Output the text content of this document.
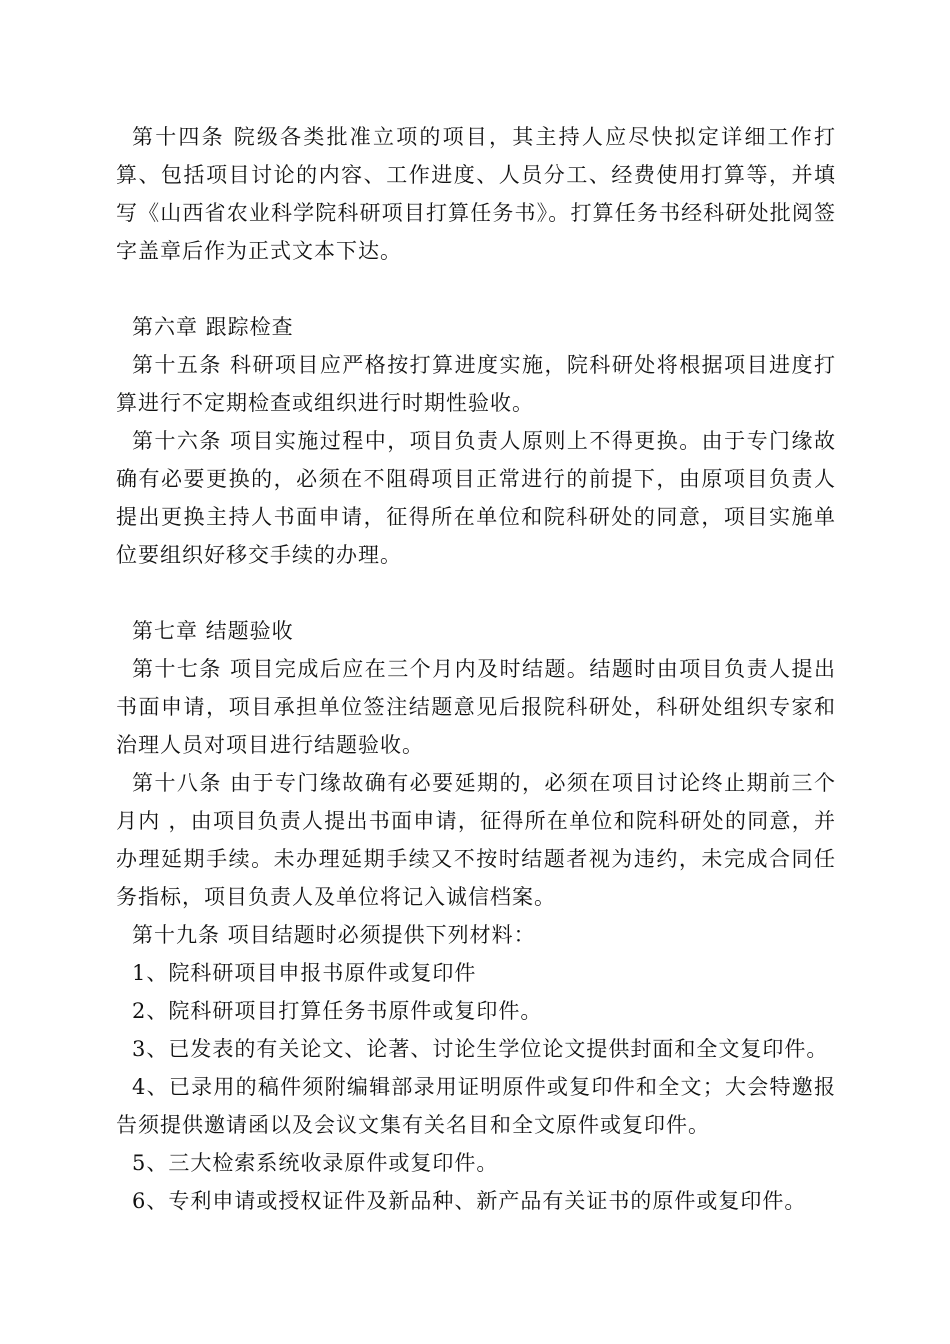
第十四条 院级各类批准立项的项目，其主持人应尽快拟定详细工作打算、包括项目讨论的内容、工作进度、人员分工、经费使用打算等，并填写《山西省农业科学院科研项目打算任务书》。打算任务书经科研处批阅签字盖章后作为正式文本下达。

第六章 跟踪检查

第十五条 科研项目应严格按打算进度实施，院科研处将根据项目进度打算进行不定期检查或组织进行时期性验收。

第十六条 项目实施过程中，项目负责人原则上不得更换。由于专门缘故确有必要更换的，必须在不阻碍项目正常进行的前提下，由原项目负责人提出更换主持人书面申请，征得所在单位和院科研处的同意，项目实施单位要组织好移交手续的办理。

第七章 结题验收

第十七条 项目完成后应在三个月内及时结题。结题时由项目负责人提出书面申请，项目承担单位签注结题意见后报院科研处，科研处组织专家和治理人员对项目进行结题验收。

第十八条 由于专门缘故确有必要延期的，必须在项目讨论终止期前三个月内 ，由项目负责人提出书面申请，征得所在单位和院科研处的同意，并办理延期手续。未办理延期手续又不按时结题者视为违约，未完成合同任务指标，项目负责人及单位将记入诚信档案。

第十九条 项目结题时必须提供下列材料：

1、院科研项目申报书原件或复印件

2、院科研项目打算任务书原件或复印件。

3、已发表的有关论文、论著、讨论生学位论文提供封面和全文复印件。

4、已录用的稿件须附编辑部录用证明原件或复印件和全文；大会特邀报告须提供邀请函以及会议文集有关名目和全文原件或复印件。

5、三大检索系统收录原件或复印件。

6、专利申请或授权证件及新品种、新产品有关证书的原件或复印件。
